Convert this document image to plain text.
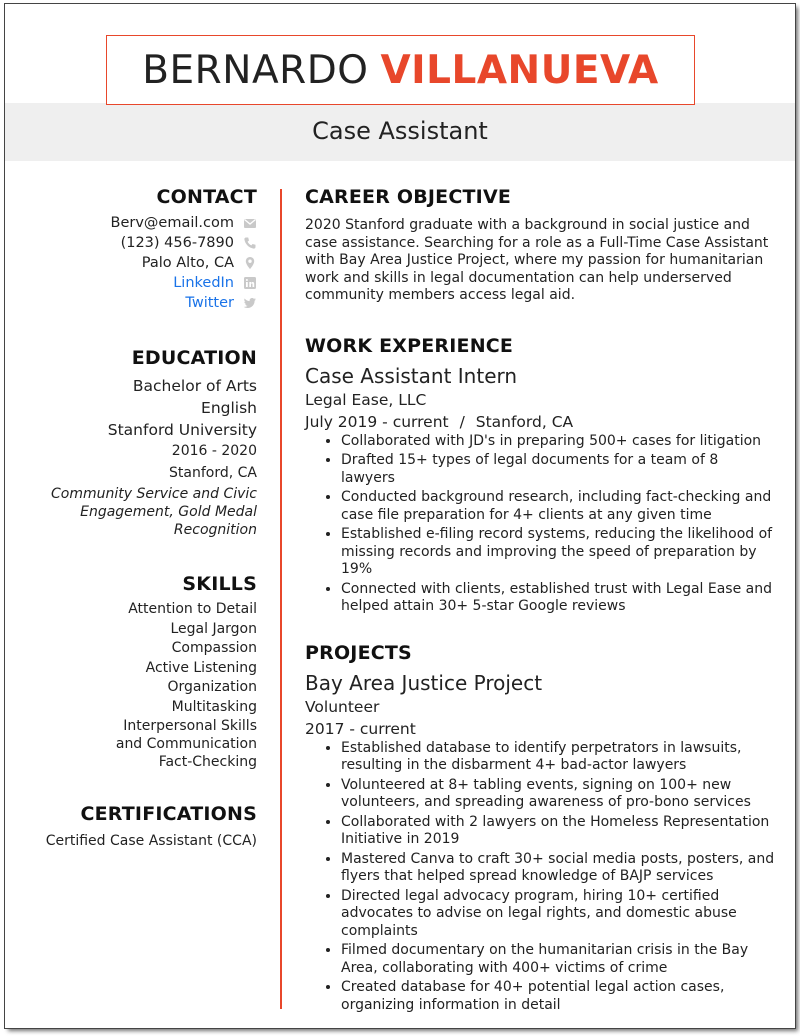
BERNARDO VILLANUEVA
Case Assistant
CONTACT
Berv@email.com
(123) 456-7890
Palo Alto, CA
LinkedIn
Twitter
EDUCATION
Bachelor of Arts
English
Stanford University
2016 - 2020
Stanford, CA
Community Service and Civic Engagement, Gold Medal Recognition
SKILLS
Attention to Detail
Legal Jargon
Compassion
Active Listening
Organization
Multitasking
Interpersonal Skills and Communication
Fact-Checking
CERTIFICATIONS
Certified Case Assistant (CCA)
CAREER OBJECTIVE
2020 Stanford graduate with a background in social justice and case assistance. Searching for a role as a Full-Time Case Assistant with Bay Area Justice Project, where my passion for humanitarian work and skills in legal documentation can help underserved community members access legal aid.
WORK EXPERIENCE
Case Assistant Intern
Legal Ease, LLC
July 2019 - current / Stanford, CA
• Collaborated with JD's in preparing 500+ cases for litigation
• Drafted 15+ types of legal documents for a team of 8 lawyers
• Conducted background research, including fact-checking and case file preparation for 4+ clients at any given time
• Established e-filing record systems, reducing the likelihood of missing records and improving the speed of preparation by 19%
• Connected with clients, established trust with Legal Ease and helped attain 30+ 5-star Google reviews
PROJECTS
Bay Area Justice Project
Volunteer
2017 - current
• Established database to identify perpetrators in lawsuits, resulting in the disbarment 4+ bad-actor lawyers
• Volunteered at 8+ tabling events, signing on 100+ new volunteers, and spreading awareness of pro-bono services
• Collaborated with 2 lawyers on the Homeless Representation Initiative in 2019
• Mastered Canva to craft 30+ social media posts, posters, and flyers that helped spread knowledge of BAJP services
• Directed legal advocacy program, hiring 10+ certified advocates to advise on legal rights, and domestic abuse complaints
• Filmed documentary on the humanitarian crisis in the Bay Area, collaborating with 400+ victims of crime
• Created database for 40+ potential legal action cases, organizing information in detail
